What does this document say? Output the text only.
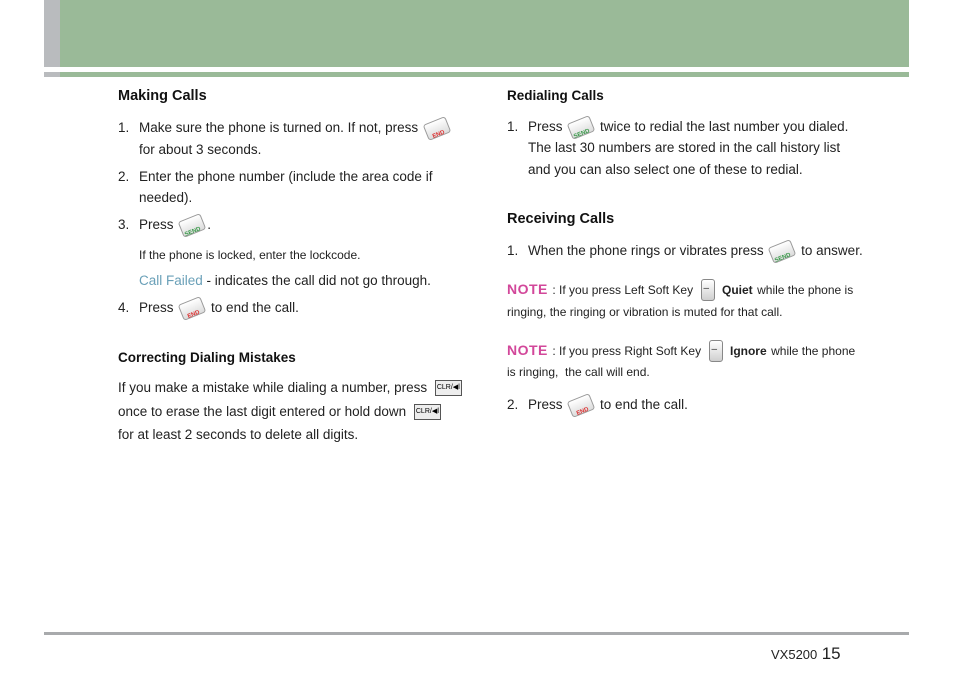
Making Calls
1. Make sure the phone is turned on. If not, press END
for about 3 seconds.
2. Enter the phone number (include the area code if
needed).
3. Press SEND	.
If the phone is locked, enter the lockcode.
Call Failed - indicates the call did not go through.
4. Press END	to end the call.
Correcting Dialing Mistakes
If you make a mistake while dialing a number, press CLR/◀ǀ
once to erase the last digit entered or hold down CLR/◀ǀ
for at least 2 seconds to delete all digits.
Redialing Calls
1. Press SEND	twice to redial the last number you dialed.
The last 30 numbers are stored in the call history list
and you can also select one of these to redial.
Receiving Calls
1. When the phone rings or vibrates press SEND	to answer.
NOTE : If you press Left Soft Key – Quiet while the phone is
ringing, the ringing or vibration is muted for that call.
NOTE : If you press Right Soft Key – Ignore while the phone
is ringing,  the call will end.
2. Press END	to end the call.
VX5200 15
